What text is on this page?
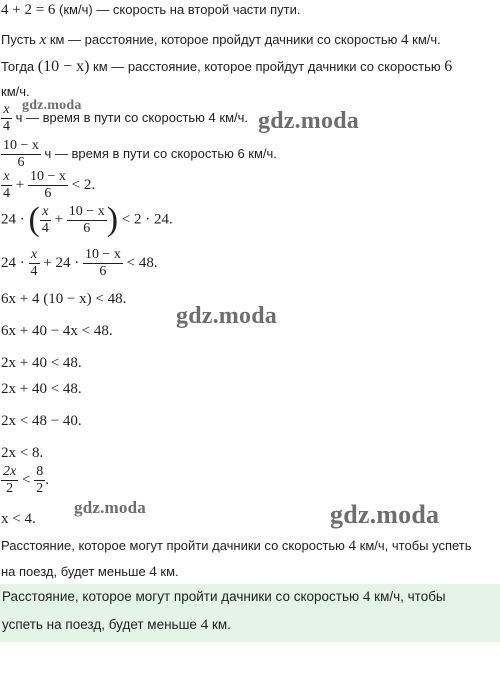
4 + 2 = 6 (км/ч) — скорость на второй части пути.
Пусть x км — расстояние, которое пройдут дачники со скоростью 4 км/ч.
Тогда (10 − x) км — расстояние, которое пройдут дачники со скоростью 6
км/ч.
$\frac{x}{4}$ ч — время в пути со скоростью 4 км/ч.
$\frac{10 - x}{6}$ ч — время в пути со скоростью 6 км/ч.
$\frac{x}{4} + \frac{10 - x}{6} < 2$.
24 · ( $\frac{x}{4} + \frac{10 - x}{6}$ ) < 2 · 24.
$24 \cdot \frac{x}{4} + 24 \cdot \frac{10 - x}{6} < 48$.
6x + 4 (10 − x) < 48.
6x + 40 − 4x < 48.
2x + 40 < 48.
2x + 40 < 48.
2x < 48 − 40.
2x < 8.
$\frac{2x}{2} < \frac{8}{2}$ .
x < 4.
Расстояние, которое могут пройти дачники со скоростью 4 км/ч, чтобы успеть
на поезд, будет меньше 4 км.
Расстояние, которое могут пройти дачники со скоростью 4 км/ч, чтобы
успеть на поезд, будет меньше 4 км.
gdz.moda
gdz.moda
gdz.moda
gdz.moda	gdz.moda
